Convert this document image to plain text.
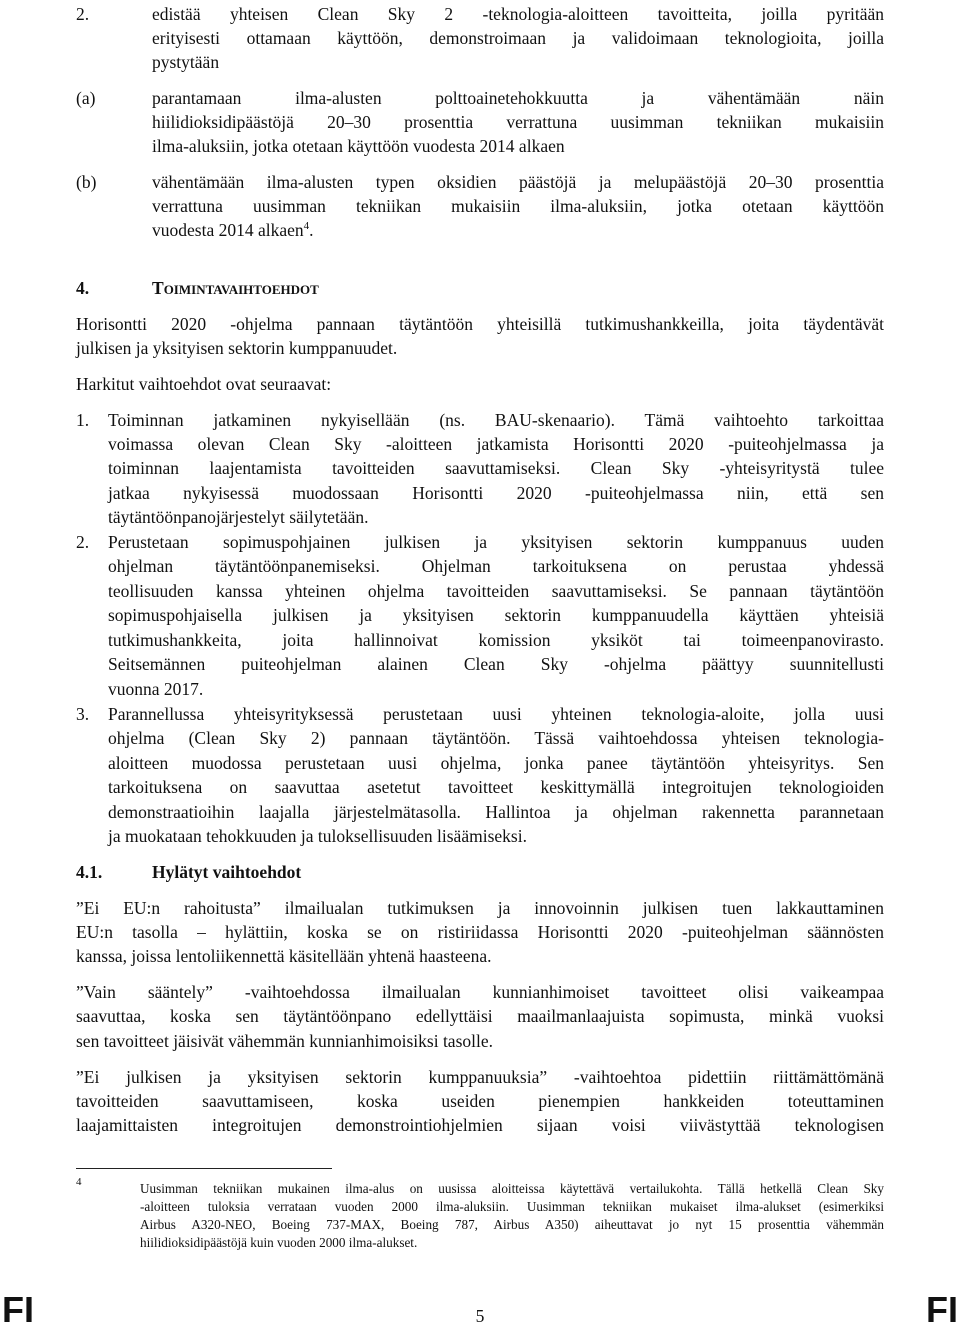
2.	edistää yhteisen Clean Sky 2 -teknologia-aloitteen tavoitteita, joilla pyritään
erityisesti ottamaan käyttöön, demonstroimaan ja validoimaan teknologioita, joilla
pystytään
(a)	parantamaan ilma-alusten polttoainetehokkuutta ja vähentämään näin
hiilidioksidipäästöjä 20‒30 prosenttia verrattuna uusimman tekniikan mukaisiin
ilma-aluksiin, jotka otetaan käyttöön vuodesta 2014 alkaen
(b)	vähentämään ilma-alusten typen oksidien päästöjä ja melupäästöjä 20‒30 prosenttia
verrattuna uusimman tekniikan mukaisiin ilma-aluksiin, jotka otetaan käyttöön
vuodesta 2014 alkaen$^4$.
4.	TOIMINTAVAIHTOEHDOT
Horisontti 2020 -ohjelma pannaan täytäntöön yhteisillä tutkimushankkeilla, joita täydentävät
julkisen ja yksityisen sektorin kumppanuudet.
Harkitut vaihtoehdot ovat seuraavat:
1. Toiminnan jatkaminen nykyisellään (ns. BAU-skenaario). Tämä vaihtoehto tarkoittaa
voimassa olevan Clean Sky -aloitteen jatkamista Horisontti 2020 -puiteohjelmassa ja
toiminnan laajentamista tavoitteiden saavuttamiseksi. Clean Sky -yhteisyritystä tulee
jatkaa nykyisessä muodossaan Horisontti 2020 -puiteohjelmassa niin, että sen
täytäntöönpanojärjestelyt säilytetään.
2. Perustetaan sopimuspohjainen julkisen ja yksityisen sektorin kumppanuus uuden
ohjelman täytäntöönpanemiseksi. Ohjelman tarkoituksena on perustaa yhdessä
teollisuuden kanssa yhteinen ohjelma tavoitteiden saavuttamiseksi. Se pannaan täytäntöön
sopimuspohjaisella julkisen ja yksityisen sektorin kumppanuudella käyttäen yhteisiä
tutkimushankkeita, joita hallinnoivat komission yksiköt tai toimeenpanovirasto.
Seitsemännen puiteohjelman alainen Clean Sky -ohjelma päättyy suunnitellusti
vuonna 2017.
3. Parannellussa yhteisyrityksessä perustetaan uusi yhteinen teknologia-aloite, jolla uusi
ohjelma (Clean Sky 2) pannaan täytäntöön. Tässä vaihtoehdossa yhteisen teknologia-
aloitteen muodossa perustetaan uusi ohjelma, jonka panee täytäntöön yhteisyritys. Sen
tarkoituksena on saavuttaa asetetut tavoitteet keskittymällä integroitujen teknologioiden
demonstraatioihin laajalla järjestelmätasolla. Hallintoa ja ohjelman rakennetta parannetaan
ja muokataan tehokkuuden ja tuloksellisuuden lisäämiseksi.
4.1.	Hylätyt vaihtoehdot
”Ei EU:n rahoitusta” ilmailualan tutkimuksen ja innovoinnin julkisen tuen lakkauttaminen
EU:n tasolla – hylättiin, koska se on ristiriidassa Horisontti 2020 -puiteohjelman säännösten
kanssa, joissa lentoliikennettä käsitellään yhtenä haasteena.
”Vain sääntely” -vaihtoehdossa ilmailualan kunnianhimoiset tavoitteet olisi vaikeampaa
saavuttaa, koska sen täytäntöönpano edellyttäisi maailmanlaajuista sopimusta, minkä vuoksi
sen tavoitteet jäisivät vähemmän kunnianhimoisiksi tasolle.
”Ei julkisen ja yksityisen sektorin kumppanuuksia” -vaihtoehtoa pidettiin riittämättömänä
tavoitteiden saavuttamiseen, koska useiden pienempien hankkeiden toteuttaminen
laajamittaisten integroitujen demonstrointiohjelmien sijaan voisi viivästyttää teknologisen
4	Uusimman tekniikan mukainen ilma-alus on uusissa aloitteissa käytettävä vertailukohta. Tällä hetkellä Clean Sky
-aloitteen tuloksia verrataan vuoden 2000 ilma-aluksiin. Uusimman tekniikan mukaiset ilma-alukset (esimerkiksi
Airbus A320-NEO, Boeing 737-MAX, Boeing 787, Airbus A350) aiheuttavat jo nyt 15 prosenttia vähemmän
hiilidioksidipäästöjä kuin vuoden 2000 ilma-alukset.
FI	5	FI
